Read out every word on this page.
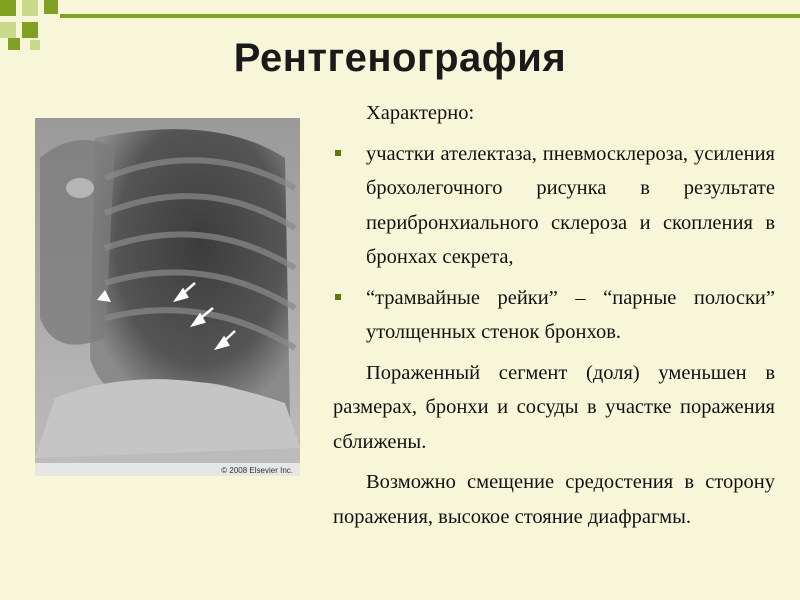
Рентгенография
© 2008 Elsevier Inc.

Характерно:

участки ателектаза, пневмосклероза, усиления брохолегочного рисунка в результате перибронхиального склероза и скопления в бронхах секрета,

“трамвайные рейки” – “парные полоски” утолщенных стенок бронхов.

Пораженный сегмент (доля) уменьшен в размерах, бронхи и сосуды в участке поражения сближены.

Возможно смещение средостения в сторону поражения, высокое стояние диафрагмы.
